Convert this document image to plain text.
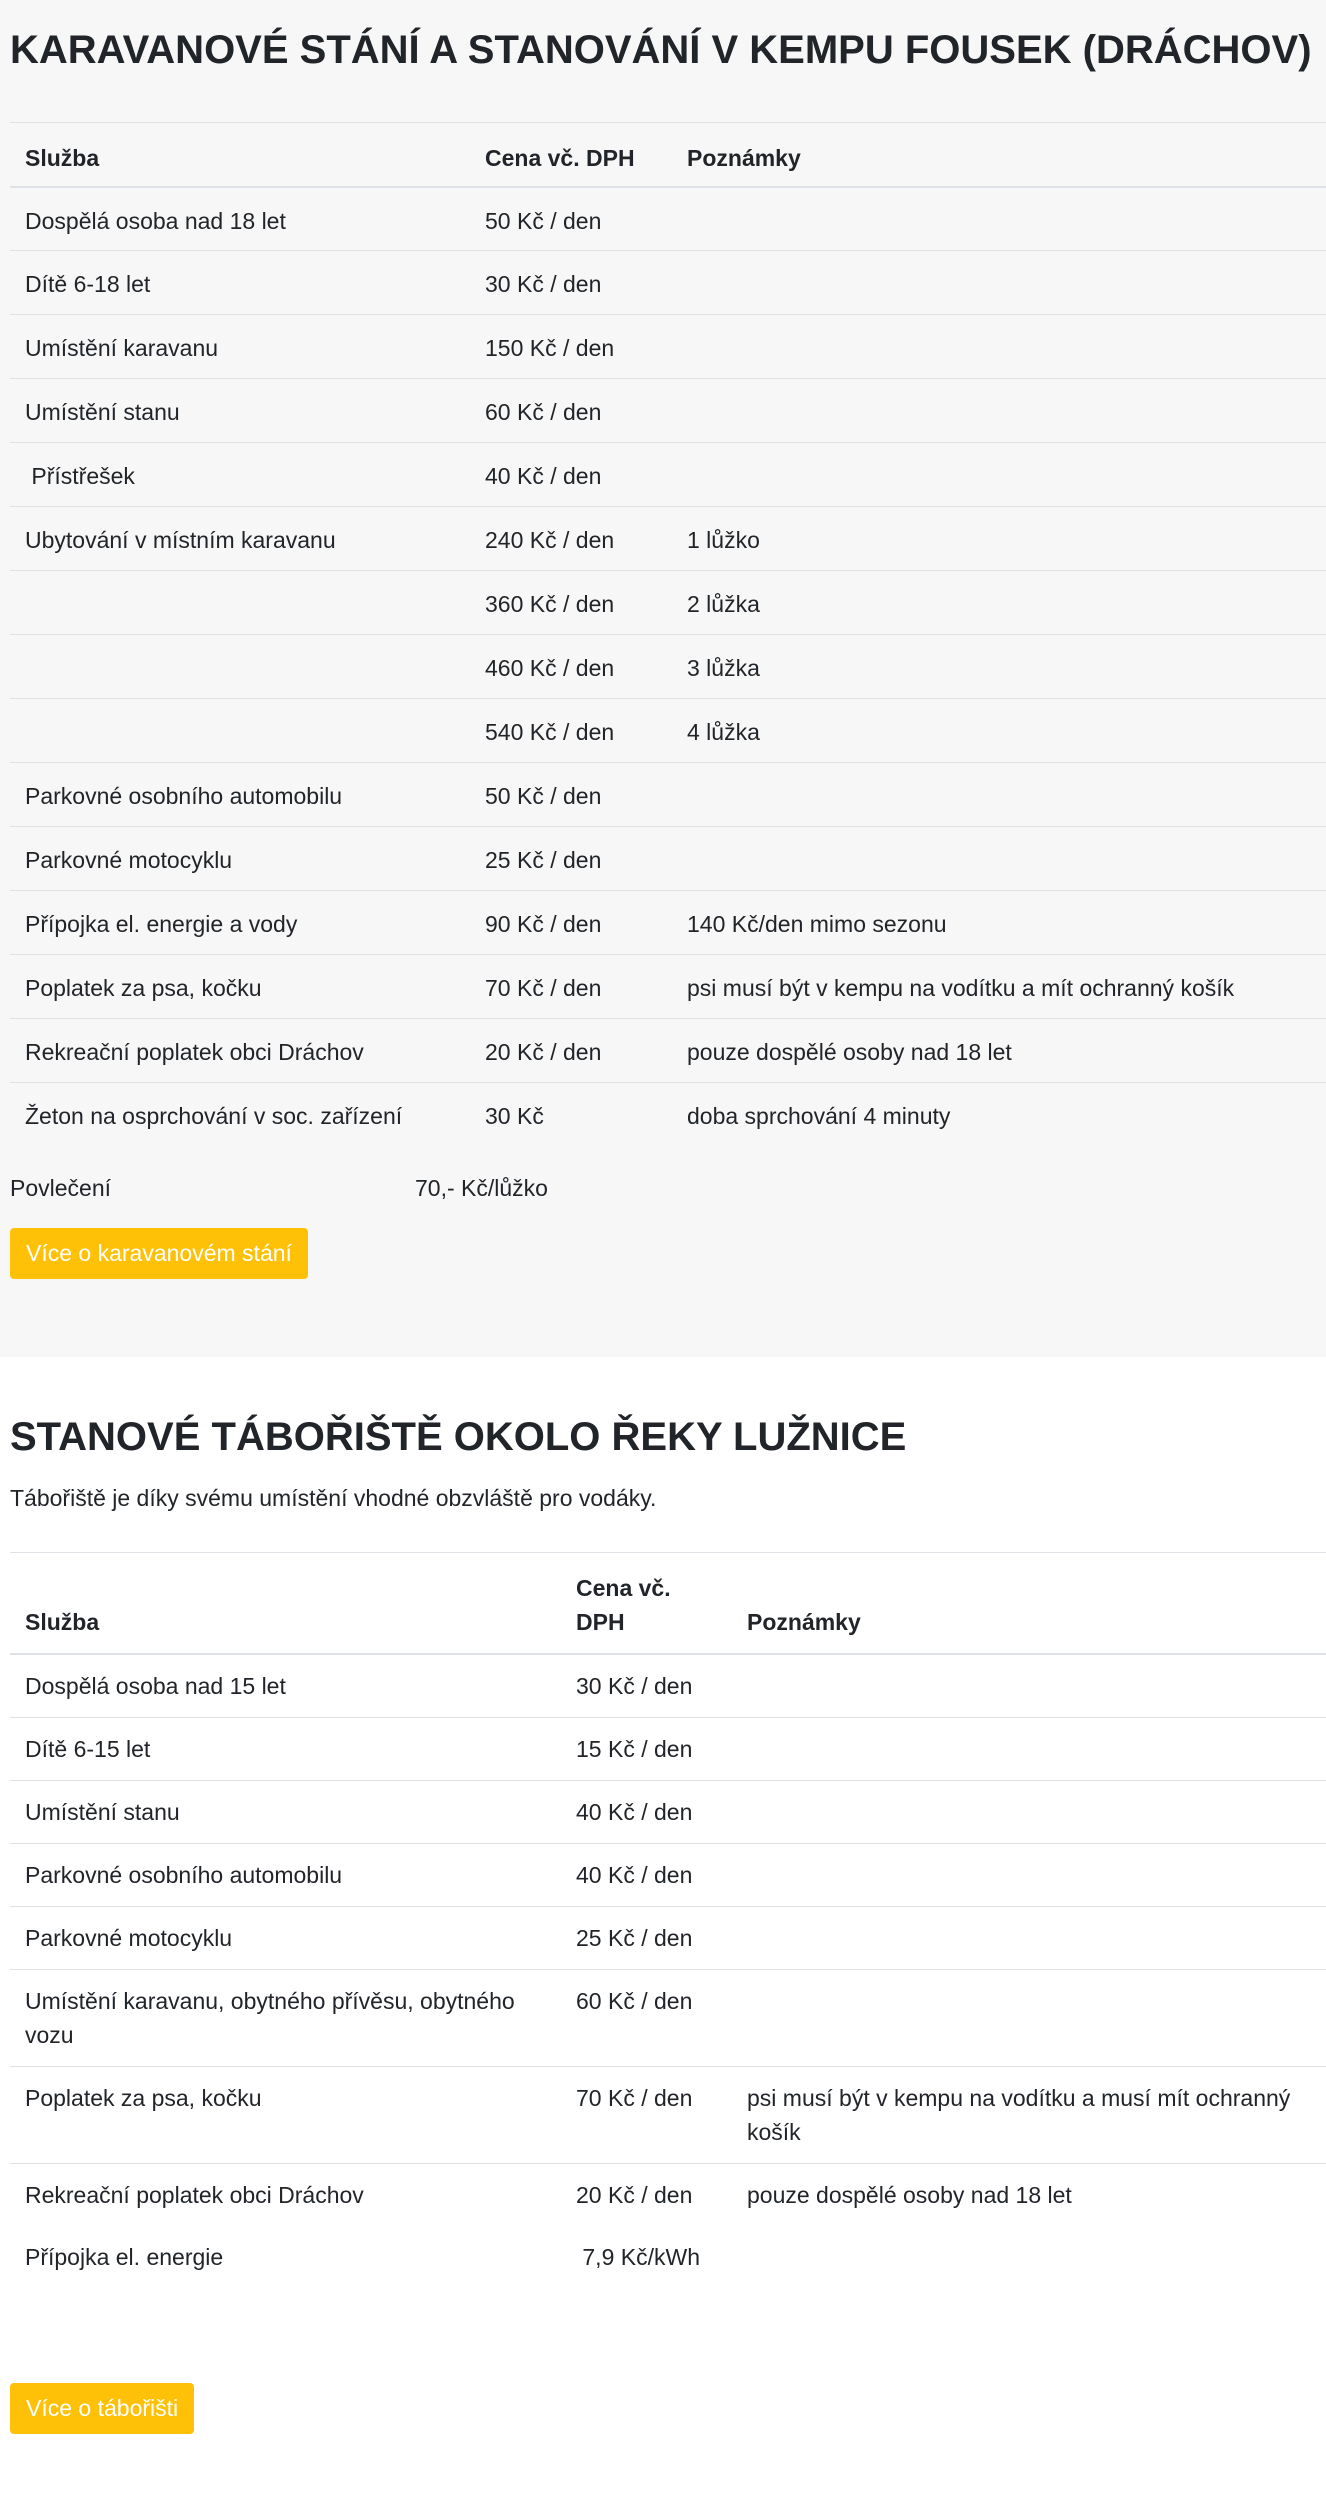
KARAVANOVÉ STÁNÍ A STANOVÁNÍ V KEMPU FOUSEK (DRÁCHOV)
Služba	Cena vč. DPH	Poznámky
Dospělá osoba nad 18 let	50 Kč / den	
Dítě 6-18 let	30 Kč / den	
Umístění karavanu	150 Kč / den	
Umístění stanu	60 Kč / den	
Přístřešek	40 Kč / den	
Ubytování v místním karavanu	240 Kč / den	1 lůžko
	360 Kč / den	2 lůžka
	460 Kč / den	3 lůžka
	540 Kč / den	4 lůžka
Parkovné osobního automobilu	50 Kč / den	
Parkovné motocyklu	25 Kč / den	
Přípojka el. energie a vody	90 Kč / den	140 Kč/den mimo sezonu
Poplatek za psa, kočku	70 Kč / den	psi musí být v kempu na vodítku a mít ochranný košík
Rekreační poplatek obci Dráchov	20 Kč / den	pouze dospělé osoby nad 18 let
Žeton na osprchování v soc. zařízení	30 Kč	doba sprchování 4 minuty
Povlečení	70,- Kč/lůžko
Více o karavanovém stání
STANOVÉ TÁBOŘIŠTĚ OKOLO ŘEKY LUŽNICE
Tábořiště je díky svému umístění vhodné obzvláště pro vodáky.
Služba	Cena vč. DPH	Poznámky
Dospělá osoba nad 15 let	30 Kč / den	
Dítě 6-15 let	15 Kč / den	
Umístění stanu	40 Kč / den	
Parkovné osobního automobilu	40 Kč / den	
Parkovné motocyklu	25 Kč / den	
Umístění karavanu, obytného přívěsu, obytného vozu	60 Kč / den	
Poplatek za psa, kočku	70 Kč / den	psi musí být v kempu na vodítku a musí mít ochranný košík
Rekreační poplatek obci Dráchov	20 Kč / den	pouze dospělé osoby nad 18 let
Přípojka el. energie	7,9 Kč/kWh
Více o tábořišti
